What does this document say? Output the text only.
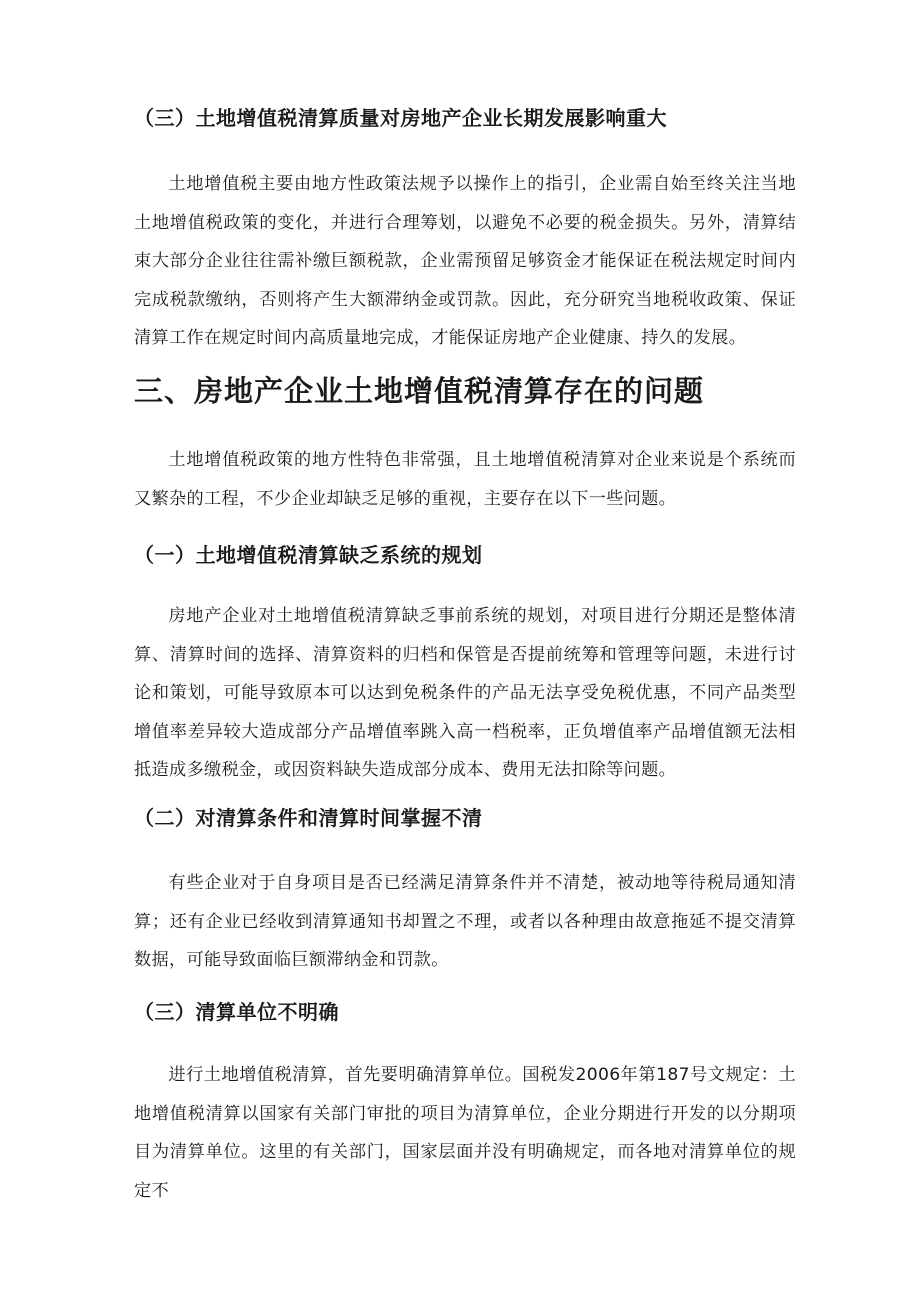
（三）土地增值税清算质量对房地产企业长期发展影响重大

土地增值税主要由地方性政策法规予以操作上的指引，企业需自始至终关注当地土地增值税政策的变化，并进行合理筹划，以避免不必要的税金损失。另外，清算结束大部分企业往往需补缴巨额税款，企业需预留足够资金才能保证在税法规定时间内完成税款缴纳，否则将产生大额滞纳金或罚款。因此，充分研究当地税收政策、保证清算工作在规定时间内高质量地完成，才能保证房地产企业健康、持久的发展。

三、房地产企业土地增值税清算存在的问题

土地增值税政策的地方性特色非常强，且土地增值税清算对企业来说是个系统而又繁杂的工程，不少企业却缺乏足够的重视，主要存在以下一些问题。

（一）土地增值税清算缺乏系统的规划

房地产企业对土地增值税清算缺乏事前系统的规划，对项目进行分期还是整体清算、清算时间的选择、清算资料的归档和保管是否提前统筹和管理等问题，未进行讨论和策划，可能导致原本可以达到免税条件的产品无法享受免税优惠，不同产品类型增值率差异较大造成部分产品增值率跳入高一档税率，正负增值率产品增值额无法相抵造成多缴税金，或因资料缺失造成部分成本、费用无法扣除等问题。

（二）对清算条件和清算时间掌握不清

有些企业对于自身项目是否已经满足清算条件并不清楚，被动地等待税局通知清算；还有企业已经收到清算通知书却置之不理，或者以各种理由故意拖延不提交清算数据，可能导致面临巨额滞纳金和罚款。

（三）清算单位不明确

进行土地增值税清算，首先要明确清算单位。国税发2006年第187号文规定：土地增值税清算以国家有关部门审批的项目为清算单位，企业分期进行开发的以分期项目为清算单位。这里的有关部门，国家层面并没有明确规定，而各地对清算单位的规定不
